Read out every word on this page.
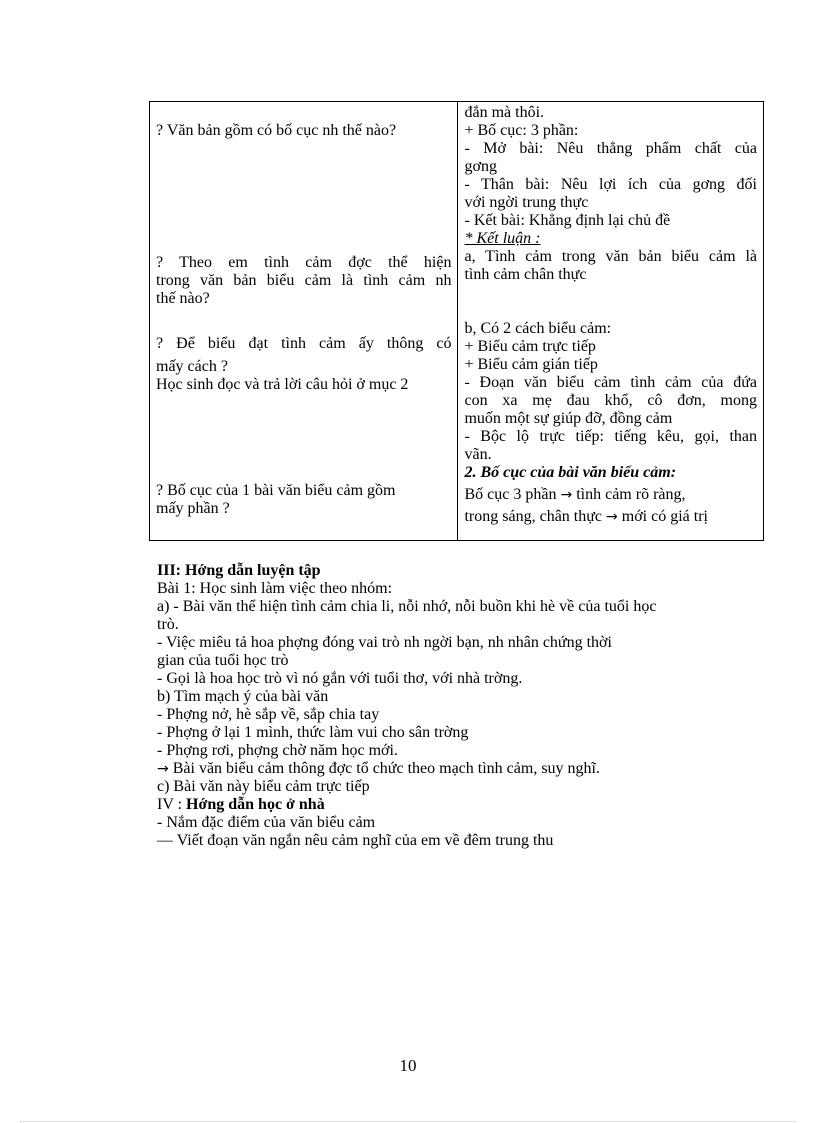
? Văn bản gồm có bố cục nh thế nào?
? Theo em tình cảm đợc thể hiện
trong văn bản biểu cảm là tình cảm nh
thế nào?
? Để biểu đạt tình cảm ấy thông có
mấy cách ?
Học sinh đọc và trả lời câu hỏi ở mục 2
? Bố cục của 1 bài văn biểu cảm gồm
mấy phần ?

đắn mà thôi.
+ Bố cục: 3 phần:
- Mở bài: Nêu thẳng phẩm chất của
gơng
- Thân bài: Nêu lợi ích của gơng đối
với ngời trung thực
- Kết bài: Khẳng định lại chủ đề
* Kết luận :
a, Tình cảm trong văn bản biểu cảm là
tình cảm chân thực
b, Có 2 cách biểu cảm:
+ Biểu cảm trực tiếp
+ Biểu cảm gián tiếp
- Đoạn văn biểu cảm tình cảm của đứa
con xa mẹ đau khổ, cô đơn, mong
muốn một sự giúp đỡ, đồng cảm
- Bộc lộ trực tiếp: tiếng kêu, gọi, than
vãn.
2. Bố cục của bài văn biểu cảm:
Bố cục 3 phần → tình cảm rõ ràng,
trong sáng, chân thực → mới có giá trị
III: Hớng dẫn luyện tập
Bài 1: Học sinh làm việc theo nhóm:
a) - Bài văn thể hiện tình cảm chia li, nỗi nhớ, nỗi buồn khi hè về của tuổi học
trò.
- Việc miêu tả hoa phợng đóng vai trò nh ngời bạn, nh nhân chứng thời
gian của tuổi học trò
- Gọi là hoa học trò vì nó gắn với tuổi thơ, với nhà trờng.
b) Tìm mạch ý của bài văn
- Phợng nở, hè sắp về, sắp chia tay
- Phợng ở lại 1 mình, thức làm vui cho sân trờng
- Phợng rơi, phợng chờ năm học mới.
→ Bài văn biểu cảm thông đợc tổ chức theo mạch tình cảm, suy nghĩ.
c) Bài văn này biểu cảm trực tiếp
IV : Hớng dẫn học ở nhà
- Nắm đặc điểm của văn biểu cảm
— Viết đoạn văn ngắn nêu cảm nghĩ của em về đêm trung thu
10
